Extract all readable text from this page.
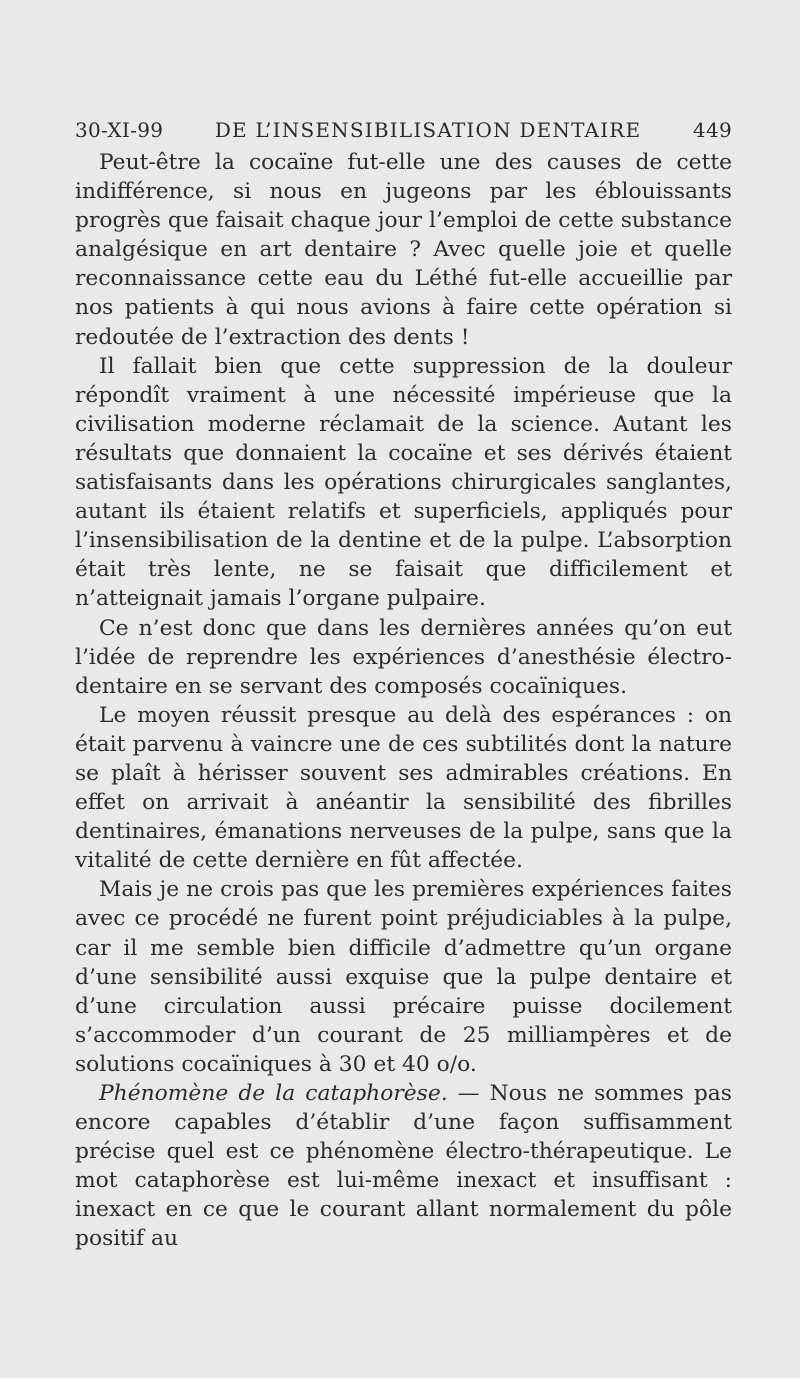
30-XI-99	DE L’INSENSIBILISATION DENTAIRE	449

Peut-être la cocaïne fut-elle une des causes de cette indifférence, si nous en jugeons par les éblouissants progrès que faisait chaque jour l’emploi de cette substance analgésique en art dentaire ? Avec quelle joie et quelle reconnaissance cette eau du Léthé fut-elle accueillie par nos patients à qui nous avions à faire cette opération si redoutée de l’extraction des dents !

Il fallait bien que cette suppression de la douleur répondît vraiment à une nécessité impérieuse que la civilisation moderne réclamait de la science. Autant les résultats que donnaient la cocaïne et ses dérivés étaient satisfaisants dans les opérations chirurgicales sanglantes, autant ils étaient relatifs et superficiels, appliqués pour l’insensibilisation de la dentine et de la pulpe. L’absorption était très lente, ne se faisait que difficilement et n’atteignait jamais l’organe pulpaire.

Ce n’est donc que dans les dernières années qu’on eut l’idée de reprendre les expériences d’anesthésie électro-dentaire en se servant des composés cocaïniques.

Le moyen réussit presque au delà des espérances : on était parvenu à vaincre une de ces subtilités dont la nature se plaît à hérisser souvent ses admirables créations. En effet on arrivait à anéantir la sensibilité des fibrilles dentinaires, émanations nerveuses de la pulpe, sans que la vitalité de cette dernière en fût affectée.

Mais je ne crois pas que les premières expériences faites avec ce procédé ne furent point préjudiciables à la pulpe, car il me semble bien difficile d’admettre qu’un organe d’une sensibilité aussi exquise que la pulpe dentaire et d’une circulation aussi précaire puisse docilement s’accommoder d’un courant de 25 milliampères et de solutions cocaïniques à 30 et 40 o/o.

Phénomène de la cataphorèse. — Nous ne sommes pas encore capables d’établir d’une façon suffisamment précise quel est ce phénomène électro-thérapeutique. Le mot cataphorèse est lui-même inexact et insuffisant : inexact en ce que le courant allant normalement du pôle positif au
